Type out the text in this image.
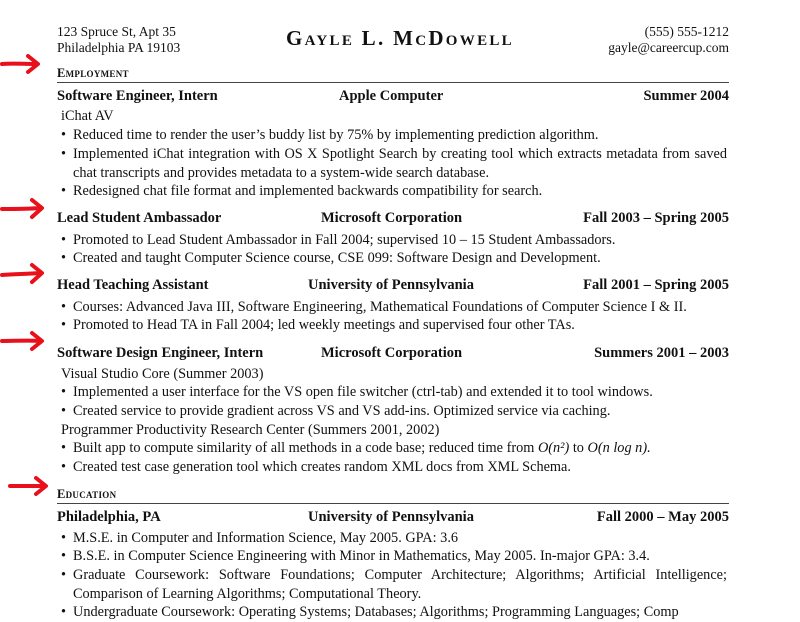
123 Spruce St, Apt 35
Philadelphia PA 19103	Gayle L. McDowell	(555) 555-1212
gayle@careercup.com
Employment
Software Engineer, Intern	Apple Computer	Summer 2004
iChat AV
• Reduced time to render the user’s buddy list by 75% by implementing prediction algorithm.
• Implemented iChat integration with OS X Spotlight Search by creating tool which extracts metadata from saved chat transcripts and provides metadata to a system-wide search database.
• Redesigned chat file format and implemented backwards compatibility for search.
Lead Student Ambassador	Microsoft Corporation	Fall 2003 – Spring 2005
• Promoted to Lead Student Ambassador in Fall 2004; supervised 10 – 15 Student Ambassadors.
• Created and taught Computer Science course, CSE 099: Software Design and Development.
Head Teaching Assistant	University of Pennsylvania	Fall 2001 – Spring 2005
• Courses: Advanced Java III, Software Engineering, Mathematical Foundations of Computer Science I & II.
• Promoted to Head TA in Fall 2004; led weekly meetings and supervised four other TAs.
Software Design Engineer, Intern	Microsoft Corporation	Summers 2001 – 2003
Visual Studio Core (Summer 2003)
• Implemented a user interface for the VS open file switcher (ctrl-tab) and extended it to tool windows.
• Created service to provide gradient across VS and VS add-ins. Optimized service via caching.
Programmer Productivity Research Center (Summers 2001, 2002)
• Built app to compute similarity of all methods in a code base; reduced time from O(n²) to O(n log n).
• Created test case generation tool which creates random XML docs from XML Schema.
Education
Philadelphia, PA	University of Pennsylvania	Fall 2000 – May 2005
• M.S.E. in Computer and Information Science, May 2005. GPA: 3.6
• B.S.E. in Computer Science Engineering with Minor in Mathematics, May 2005. In-major GPA: 3.4.
• Graduate Coursework: Software Foundations; Computer Architecture; Algorithms; Artificial Intelligence; Comparison of Learning Algorithms; Computational Theory.
• Undergraduate Coursework: Operating Systems; Databases; Algorithms; Programming Languages; Comp
